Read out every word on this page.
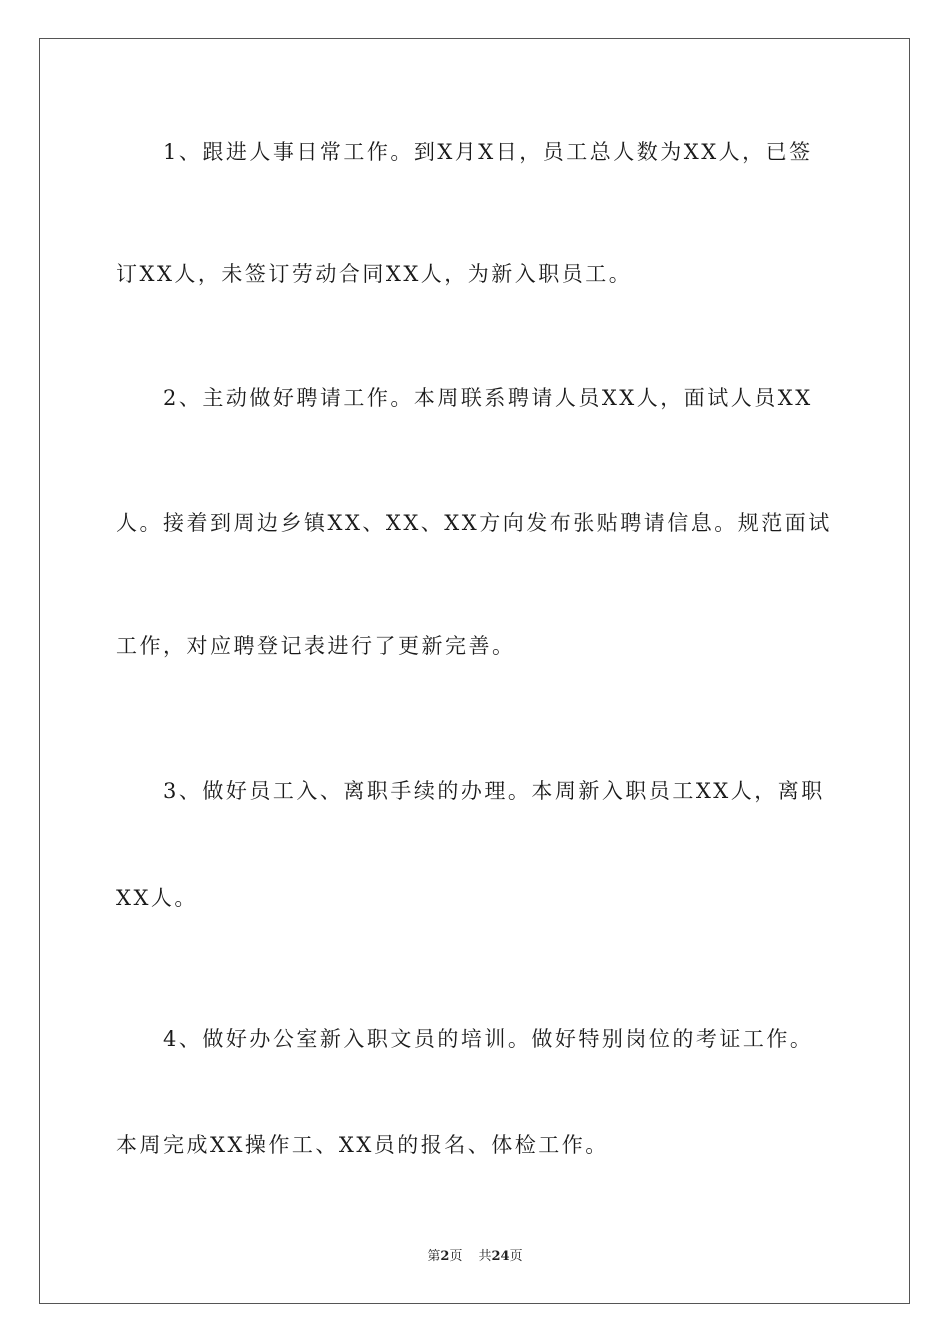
1、跟进人事日常工作。到X月X日，员工总人数为XX人，已签
订XX人，未签订劳动合同XX人，为新入职员工。
2、主动做好聘请工作。本周联系聘请人员XX人，面试人员XX
人。接着到周边乡镇XX、XX、XX方向发布张贴聘请信息。规范面试
工作，对应聘登记表进行了更新完善。
3、做好员工入、离职手续的办理。本周新入职员工XX人，离职
XX人。
4、做好办公室新入职文员的培训。做好特别岗位的考证工作。
本周完成XX操作工、XX员的报名、体检工作。
第2页 共24页
